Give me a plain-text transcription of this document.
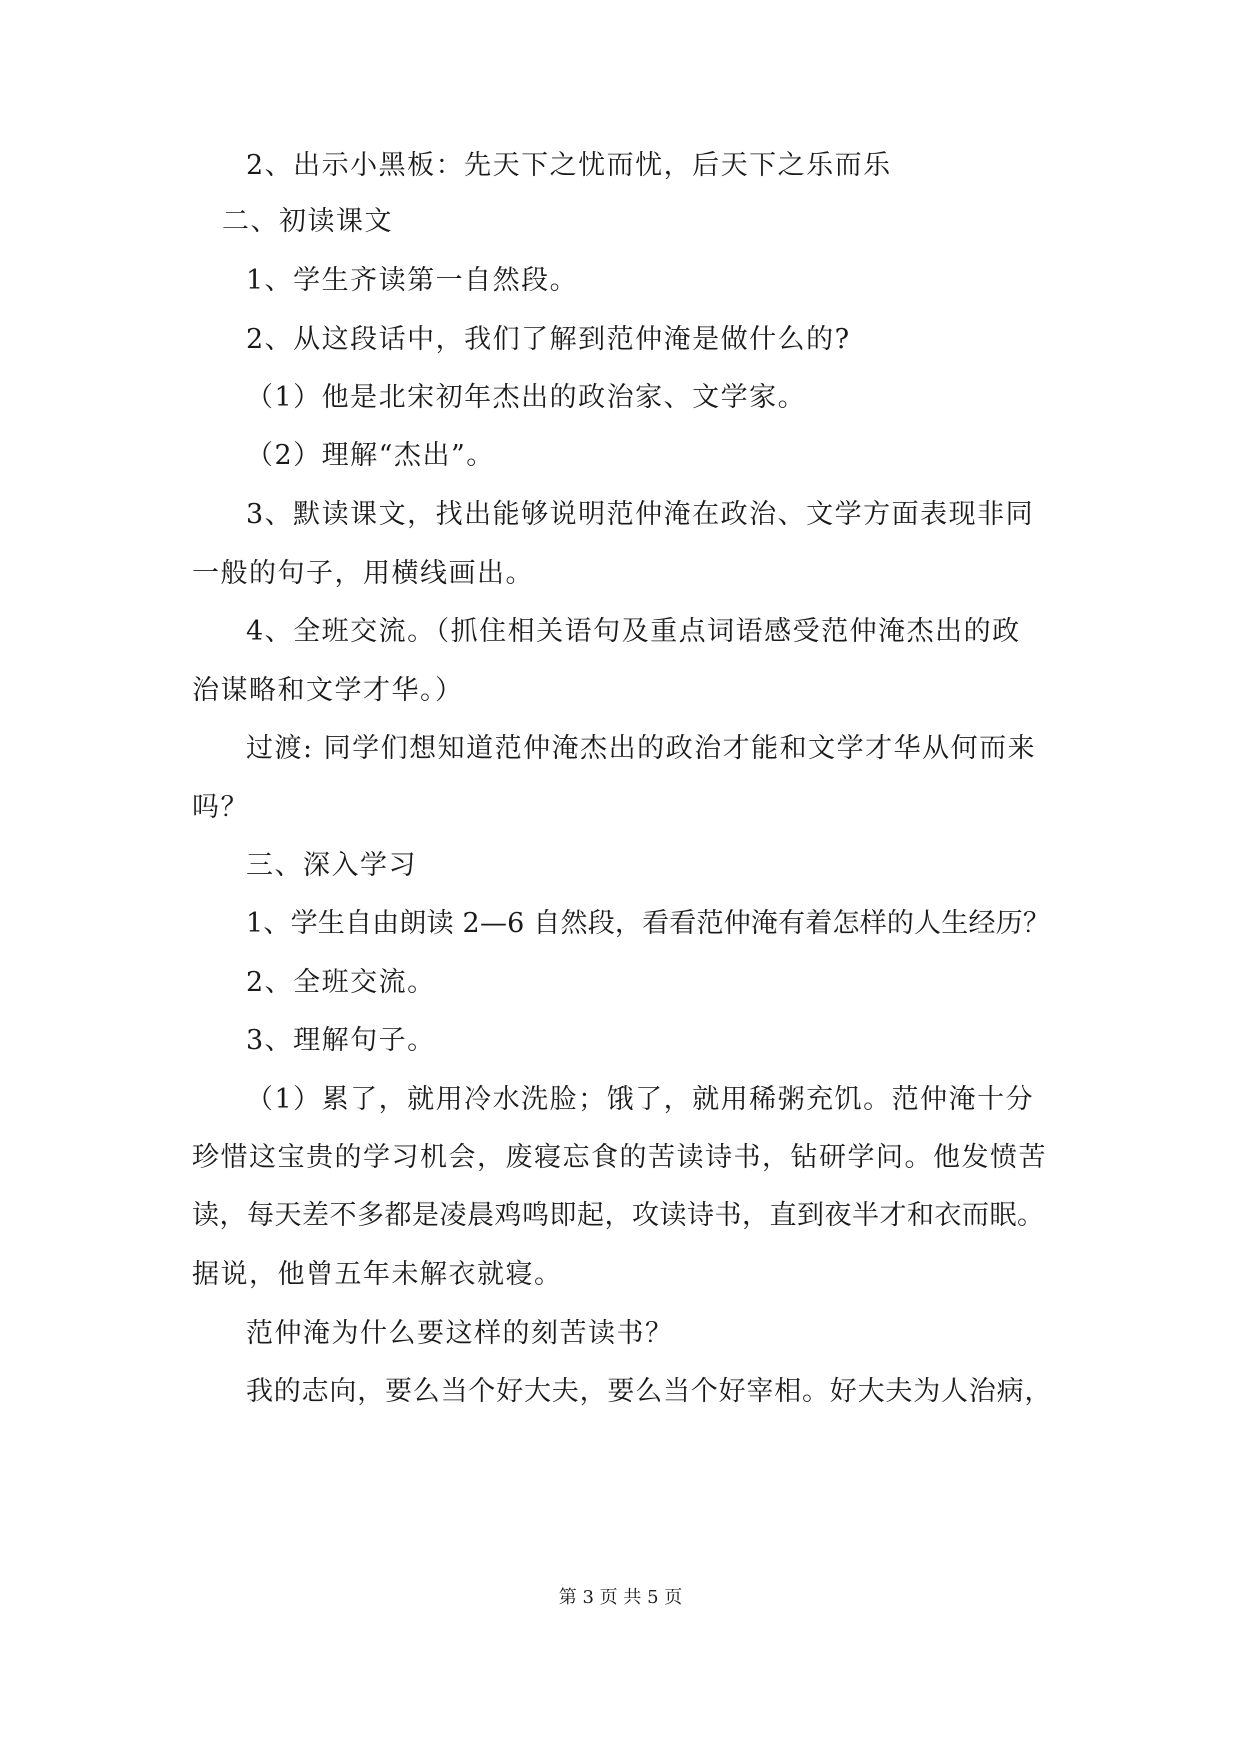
2、出示小黑板：先天下之忧而忧，后天下之乐而乐
二、初读课文
1、学生齐读第一自然段。
2、从这段话中，我们了解到范仲淹是做什么的?
（1）他是北宋初年杰出的政治家、文学家。
（2）理解“杰出”。
3、默读课文，找出能够说明范仲淹在政治、文学方面表现非同
一般的句子，用横线画出。
4、全班交流。（抓住相关语句及重点词语感受范仲淹杰出的政
治谋略和文学才华。）
过渡: 同学们想知道范仲淹杰出的政治才能和文学才华从何而来
吗？
三、深入学习
1、学生自由朗读 2—6 自然段，看看范仲淹有着怎样的人生经历？
2、全班交流。
3、理解句子。
（1）累了，就用冷水洗脸；饿了，就用稀粥充饥。范仲淹十分
珍惜这宝贵的学习机会，废寝忘食的苦读诗书，钻研学问。他发愤苦
读，每天差不多都是凌晨鸡鸣即起，攻读诗书，直到夜半才和衣而眠。
据说，他曾五年未解衣就寝。
范仲淹为什么要这样的刻苦读书？
我的志向，要么当个好大夫，要么当个好宰相。好大夫为人治病，
第 3 页 共 5 页
